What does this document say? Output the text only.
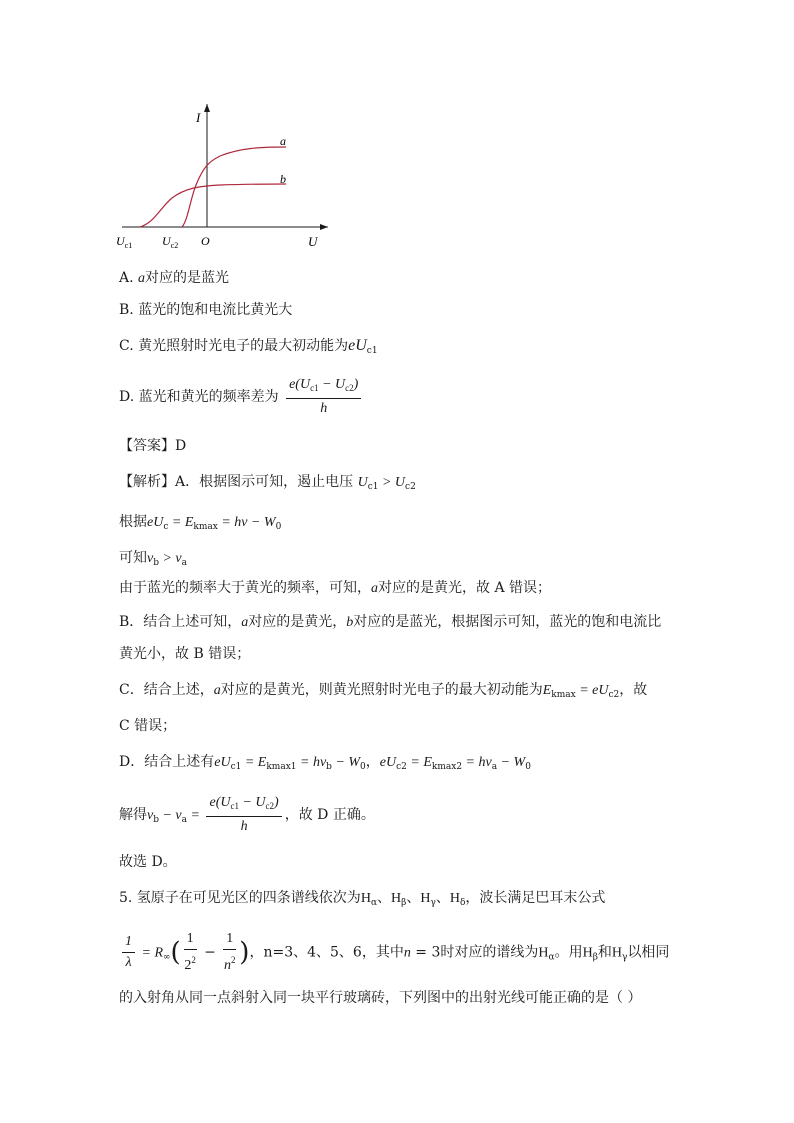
I
U
O
a
b
$U_{c1}$ $U_{c2}$
A. a对应的是蓝光
B. 蓝光的饱和电流比黄光大
C. 黄光照射时光电子的最大初动能为$eU_{c1}$
D. 蓝光和黄光的频率差为 $\frac{e(U_{c1} - U_{c2})}{h}$
【答案】D
【解析】A．根据图示可知，遏止电压 $U_{c1} > U_{c2}$
根据$eU_c = E_{kmax} = h\nu - W_0$
可知$\nu_b > \nu_a$
由于蓝光的频率大于黄光的频率，可知，a对应的是黄光，故 A 错误；
B．结合上述可知，a对应的是黄光，b对应的是蓝光，根据图示可知，蓝光的饱和电流比
黄光小，故 B 错误；
C．结合上述，a对应的是黄光，则黄光照射时光电子的最大初动能为$E_{kmax} = eU_{c2}$，故
C 错误；
D．结合上述有$eU_{c1} = E_{kmax1} = h\nu_b - W_0$，$eU_{c2} = E_{kmax2} = h\nu_a - W_0$
解得$\nu_b - \nu_a = \frac{e(U_{c1} - U_{c2})}{h}$ ，故 D 正确。
故选 D。
5. 氢原子在可见光区的四条谱线依次为$H_\alpha$、$H_\beta$、$H_\gamma$、$H_\delta$，波长满足巴耳末公式
$\frac{1}{\lambda} = R_\infty( \frac{1}{2^2} - \frac{1}{n^2}$ )，n=3、4、5、6，其中n = 3时对应的谱线为$H_\alpha$。用$H_\beta$和$H_\gamma$以相同
的入射角从同一点斜射入同一块平行玻璃砖，下列图中的出射光线可能正确的是（ ）
